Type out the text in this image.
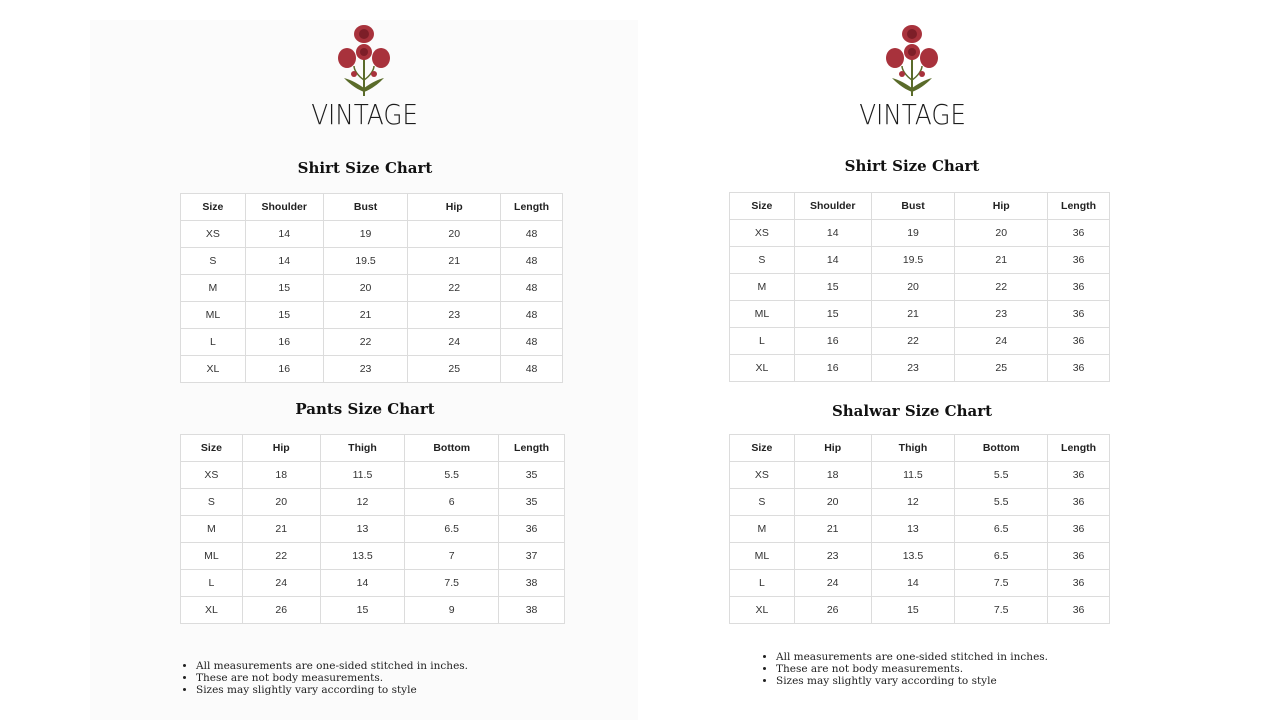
VINTAGE
Shirt Size Chart
Size	Shoulder	Bust	Hip	Length
XS	14	19	20	48
S	14	19.5	21	48
M	15	20	22	48
ML	15	21	23	48
L	16	22	24	48
XL	16	23	25	48
Pants Size Chart
Size	Hip	Thigh	Bottom	Length
XS	18	11.5	5.5	35
S	20	12	6	35
M	21	13	6.5	36
ML	22	13.5	7	37
L	24	14	7.5	38
XL	26	15	9	38
• All measurements are one-sided stitched in inches.
• These are not body measurements.
• Sizes may slightly vary according to style
VINTAGE
Shirt Size Chart
Size	Shoulder	Bust	Hip	Length
XS	14	19	20	36
S	14	19.5	21	36
M	15	20	22	36
ML	15	21	23	36
L	16	22	24	36
XL	16	23	25	36
Shalwar Size Chart
Size	Hip	Thigh	Bottom	Length
XS	18	11.5	5.5	36
S	20	12	5.5	36
M	21	13	6.5	36
ML	23	13.5	6.5	36
L	24	14	7.5	36
XL	26	15	7.5	36
• All measurements are one-sided stitched in inches.
• These are not body measurements.
• Sizes may slightly vary according to style
